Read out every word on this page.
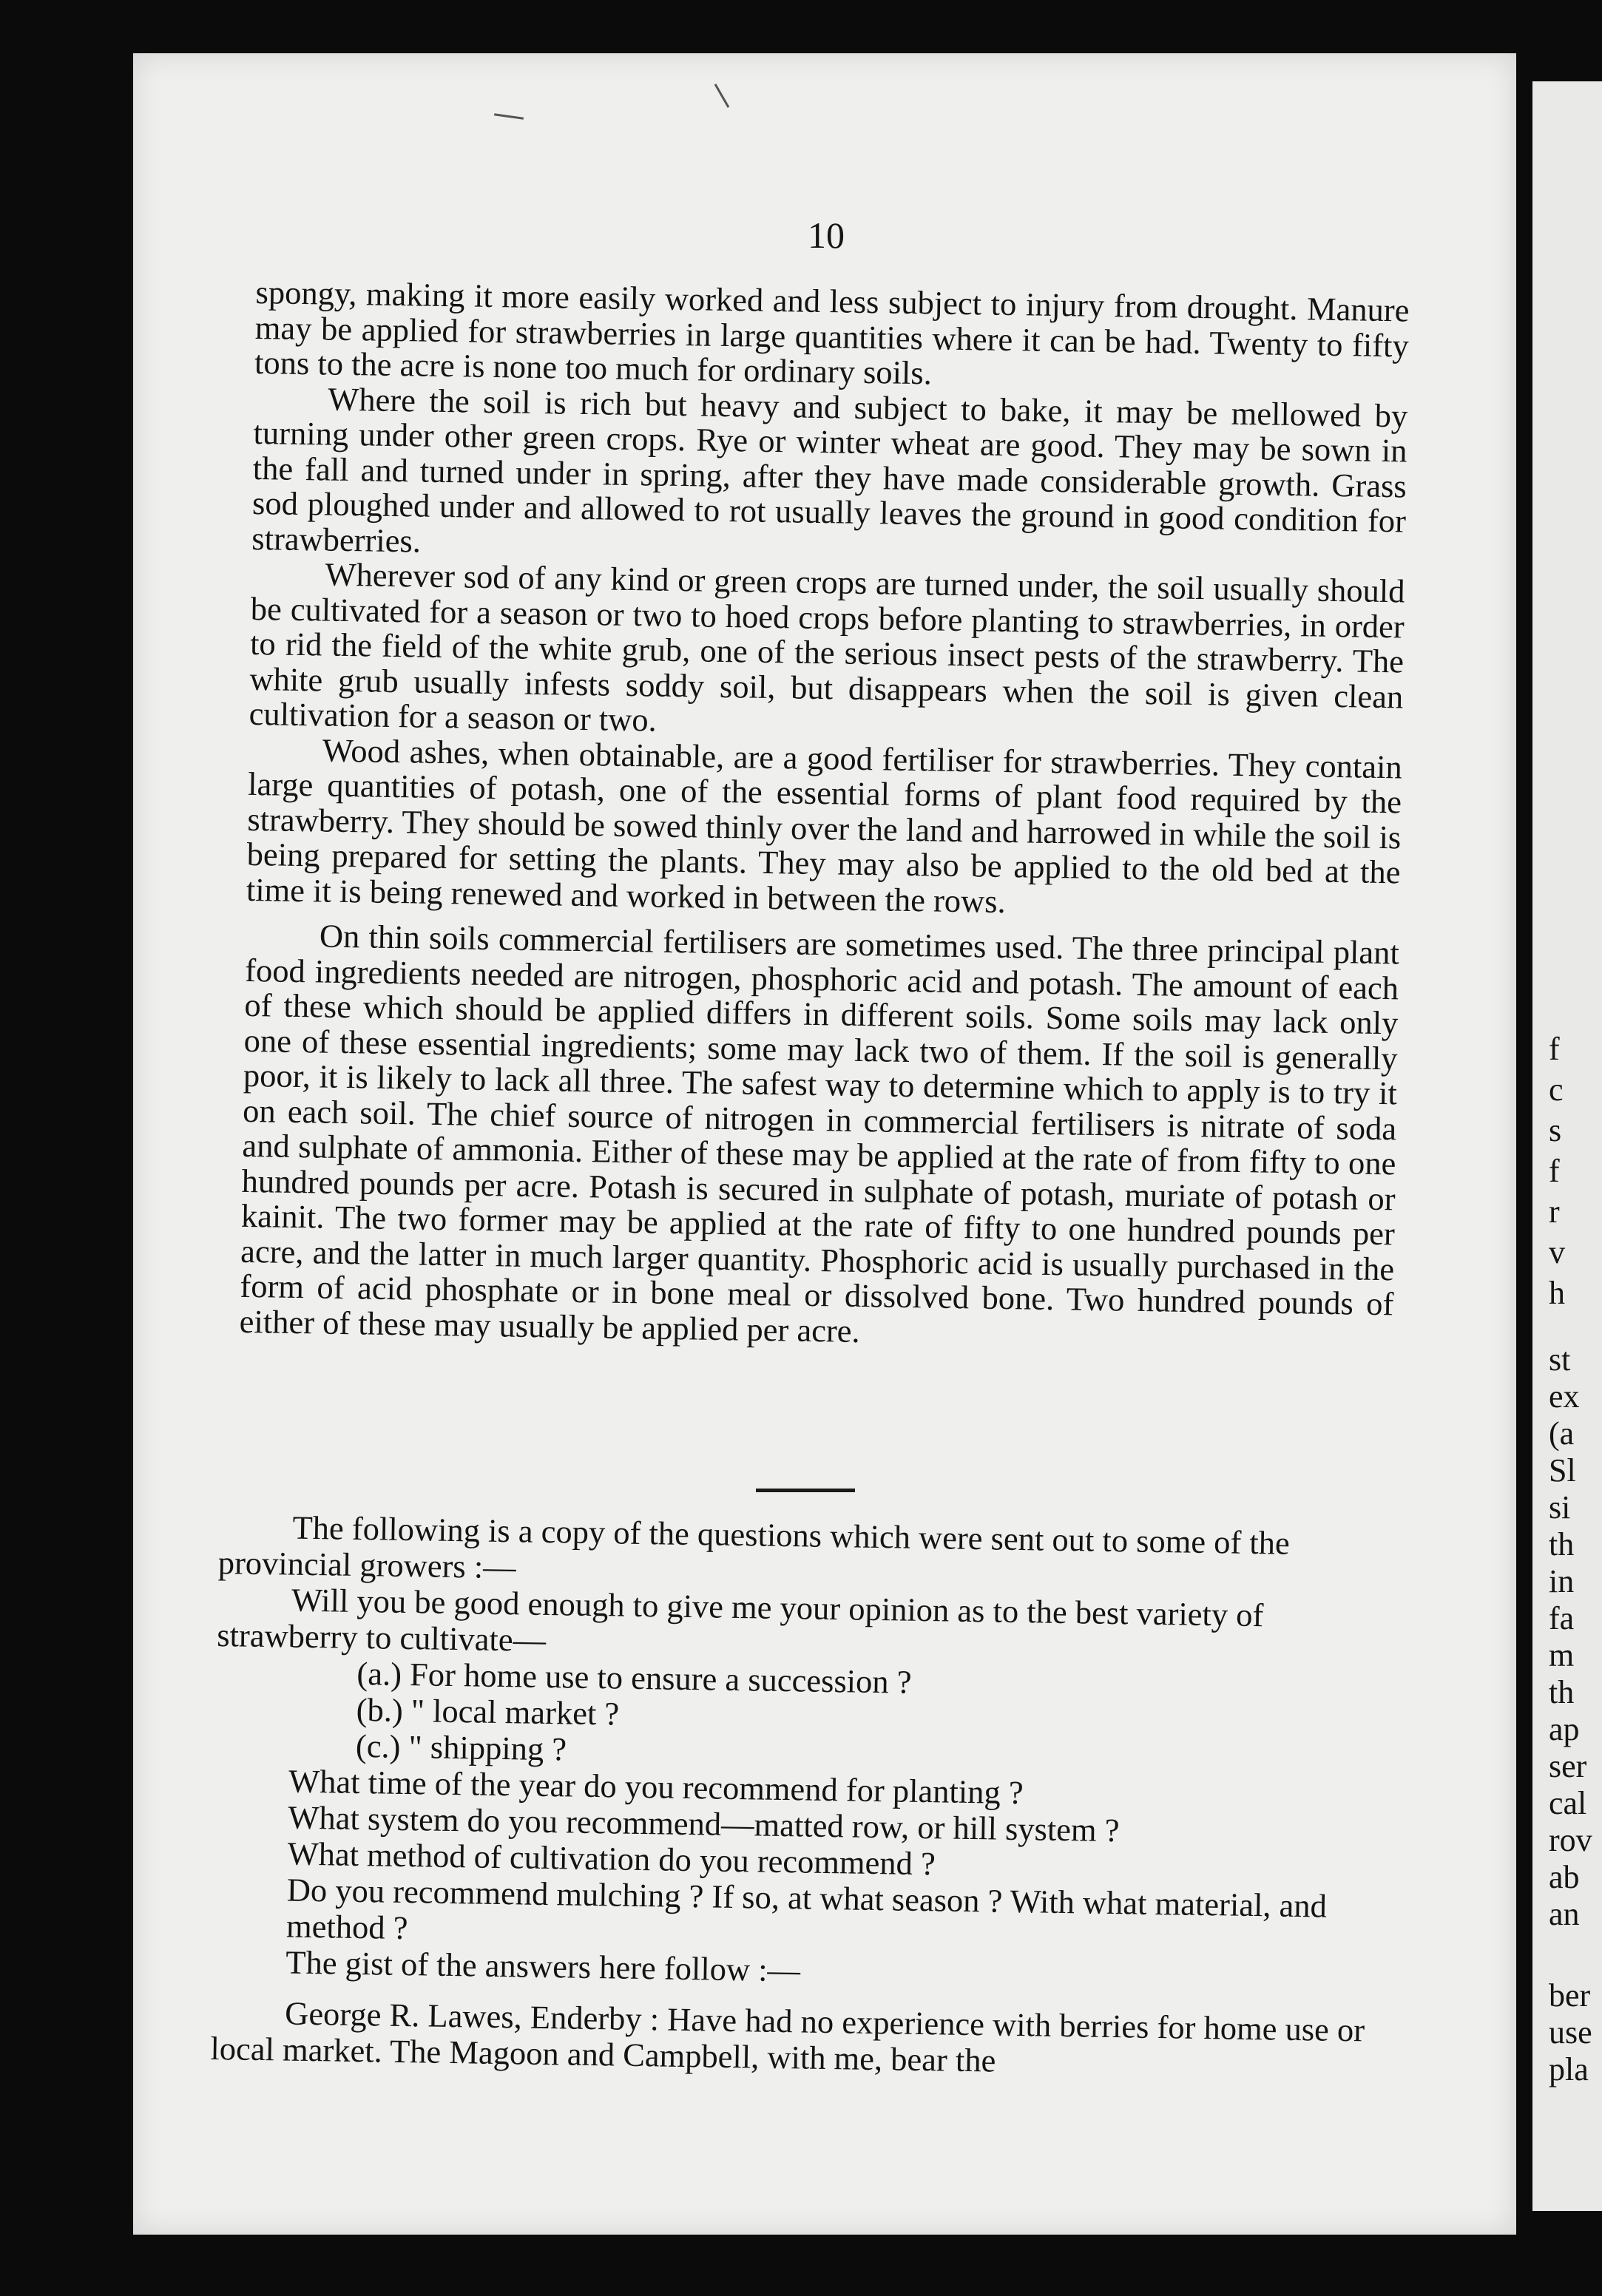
10

spongy, making it more easily worked and less subject to injury from drought. Manure may be applied for strawberries in large quantities where it can be had. Twenty to fifty tons to the acre is none too much for ordinary soils.

Where the soil is rich but heavy and subject to bake, it may be mellowed by turning under other green crops. Rye or winter wheat are good. They may be sown in the fall and turned under in spring, after they have made considerable growth. Grass sod ploughed under and allowed to rot usually leaves the ground in good condition for strawberries.

Wherever sod of any kind or green crops are turned under, the soil usually should be cultivated for a season or two to hoed crops before planting to strawberries, in order to rid the field of the white grub, one of the serious insect pests of the strawberry. The white grub usually infests soddy soil, but disappears when the soil is given clean cultivation for a season or two.

Wood ashes, when obtainable, are a good fertiliser for strawberries. They contain large quantities of potash, one of the essential forms of plant food required by the strawberry. They should be sowed thinly over the land and harrowed in while the soil is being prepared for setting the plants. They may also be applied to the old bed at the time it is being renewed and worked in between the rows.

On thin soils commercial fertilisers are sometimes used. The three principal plant food ingredients needed are nitrogen, phosphoric acid and potash. The amount of each of these which should be applied differs in different soils. Some soils may lack only one of these essential ingredients; some may lack two of them. If the soil is generally poor, it is likely to lack all three. The safest way to determine which to apply is to try it on each soil. The chief source of nitrogen in commercial fertilisers is nitrate of soda and sulphate of ammonia. Either of these may be applied at the rate of from fifty to one hundred pounds per acre. Potash is secured in sulphate of potash, muriate of potash or kainit. The two former may be applied at the rate of fifty to one hundred pounds per acre, and the latter in much larger quantity. Phosphoric acid is usually purchased in the form of acid phosphate or in bone meal or dissolved bone. Two hundred pounds of either of these may usually be applied per acre.

The following is a copy of the questions which were sent out to some of the provincial growers :—

Will you be good enough to give me your opinion as to the best variety of strawberry to cultivate—

(a.) For home use to ensure a succession ?

(b.) " local market ?

(c.) " shipping ?

What time of the year do you recommend for planting ?

What system do you recommend—matted row, or hill system ?

What method of cultivation do you recommend ?

Do you recommend mulching ? If so, at what season ? With what material, and method ?

The gist of the answers here follow :—

George R. Lawes, Enderby : Have had no experience with berries for home use or local market. The Magoon and Campbell, with me, bear the

f
c
s
f
r
v
h
st
ex
(a
Sl
si
th
in
fa
m
th
ap
ser
cal
rov
ab
an
ber
use
pla
